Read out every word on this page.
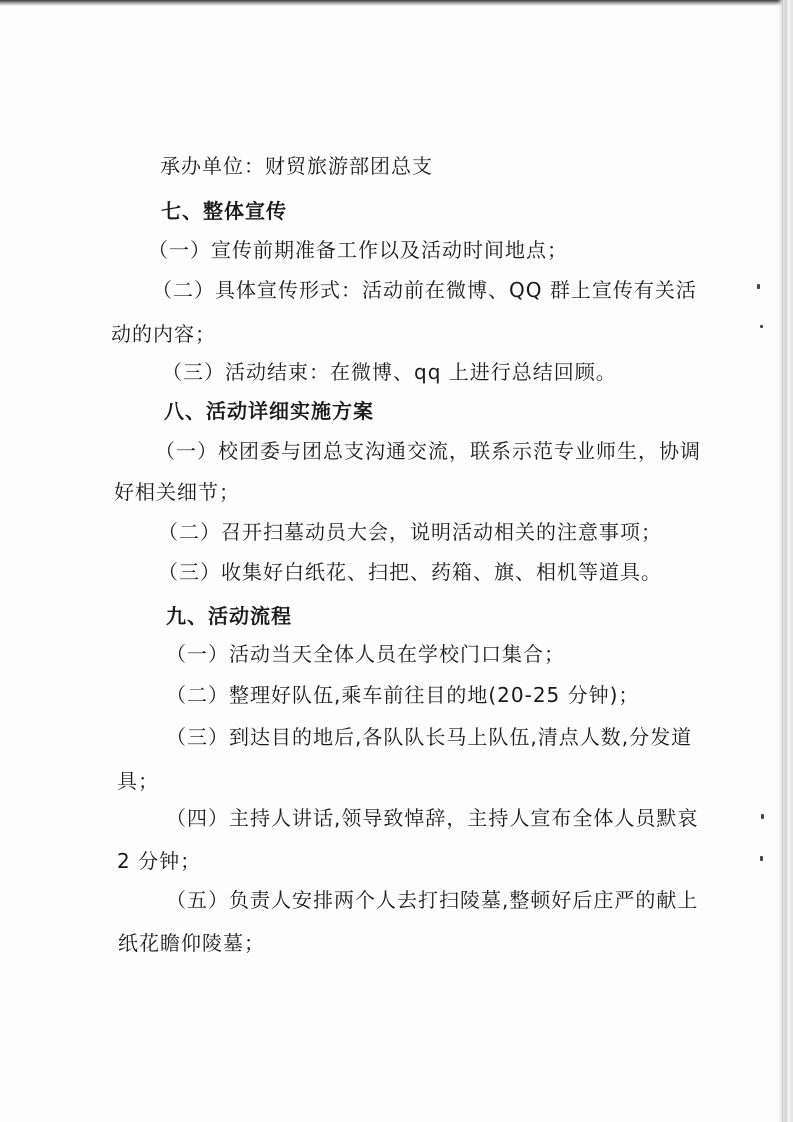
承办单位：财贸旅游部团总支
七、整体宣传
（一）宣传前期准备工作以及活动时间地点；
（二）具体宣传形式：活动前在微博、QQ 群上宣传有关活
动的内容；
（三）活动结束：在微博、qq 上进行总结回顾。
八、活动详细实施方案
（一）校团委与团总支沟通交流，联系示范专业师生，协调
好相关细节；
（二）召开扫墓动员大会，说明活动相关的注意事项；
（三）收集好白纸花、扫把、药箱、旗、相机等道具。
九、活动流程
（一）活动当天全体人员在学校门口集合；
（二）整理好队伍,乘车前往目的地(20-25 分钟)；
（三）到达目的地后,各队队长马上队伍,清点人数,分发道
具；
（四）主持人讲话,领导致悼辞，主持人宣布全体人员默哀
2 分钟；
（五）负责人安排两个人去打扫陵墓,整顿好后庄严的献上
纸花瞻仰陵墓；
